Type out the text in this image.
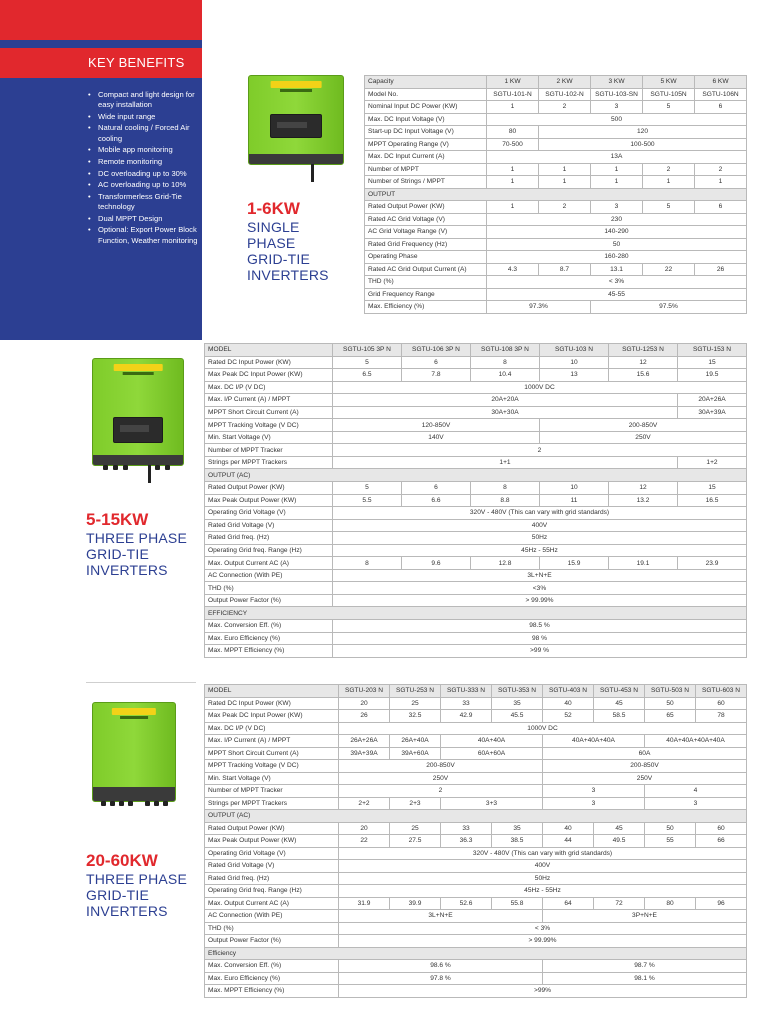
KEY BENEFITS
• Compact and light design for easy installation
• Wide input range
• Natural cooling / Forced Air cooling
• Mobile app monitoring
• Remote monitoring
• DC overloading up to 30%
• AC overloading up to 10%
• Transformerless Grid-Tie technology
• Dual MPPT Design
• Optional: Export Power Block Function, Weather monitoring
1-6KW
SINGLE
PHASE
GRID-TIE
INVERTERS
5-15KW
THREE PHASE
GRID-TIE
INVERTERS
20-60KW
THREE PHASE
GRID-TIE
INVERTERS
Capacity	1 KW	2 KW	3 KW	5 KW	6 KW
Model No.	SGTU-101-N	SGTU-102-N	SGTU-103-SN	SGTU-105N	SGTU-106N
Nominal Input DC Power (KW)	1	2	3	5	6
Max. DC Input Voltage (V)	500				
Start-up DC Input Voltage (V)	80	120			
MPPT Operating Range (V)	70-500	100-500			
Max. DC Input Current (A)	13A				
Number of MPPT	1	1	1	2	2
Number of Strings / MPPT	1	1	1	1	1
OUTPUT					
Rated Output Power (KW)	1	2	3	5	6
Rated AC Grid Voltage (V)	230				
AC Grid Voltage Range (V)	140-290				
Rated Grid Frequency (Hz)	50				
Operating Phase	160-280				
Rated AC Grid Output Current (A)	4.3	8.7	13.1	22	26
THD (%)	< 3%				
Grid Frequency Range	45-55				
Max. Efficiency (%)	97.3%		97.5%		
MODEL	SGTU-105 3P N	SGTU-106 3P N	SGTU-108 3P N	SGTU-103 N	SGTU-1253 N	SGTU-153 N
Rated DC Input Power (KW)	5	6	8	10	12	15
Max Peak DC Input Power (KW)	6.5	7.8	10.4	13	15.6	19.5
Max. DC I/P (V DC)	1000V DC					
Max. I/P Current (A) / MPPT	20A+20A					20A+26A
MPPT Short Circuit Current (A)	30A+30A					30A+39A
MPPT Tracking Voltage (V DC)	120-850V			200-850V		
Min. Start Voltage (V)	140V			250V		
Number of MPPT Tracker	2					
Strings per MPPT Trackers	1+1					1+2
OUTPUT (AC)						
Rated Output Power (KW)	5	6	8	10	12	15
Max Peak Output Power (KW)	5.5	6.6	8.8	11	13.2	16.5
Operating Grid Voltage (V)	320V - 480V (This can vary with grid standards)					
Rated Grid Voltage (V)	400V					
Rated Grid freq. (Hz)	50Hz					
Operating Grid freq. Range (Hz)	45Hz - 55Hz					
Max. Output Current AC (A)	8	9.6	12.8	15.9	19.1	23.9
AC Connection (With PE)	3L+N+E					
THD (%)	<3%					
Output Power Factor (%)	> 99.99%					
EFFICIENCY						
Max. Conversion Eff. (%)	98.5 %					
Max. Euro Efficiency (%)	98 %					
Max. MPPT Efficiency (%)	>99 %					
MODEL	SGTU-203 N	SGTU-253 N	SGTU-333 N	SGTU-353 N	SGTU-403 N	SGTU-453 N	SGTU-503 N	SGTU-603 N
Rated DC Input Power (KW)	20	25	33	35	40	45	50	60
Max Peak DC Input Power (KW)	26	32.5	42.9	45.5	52	58.5	65	78
Max. DC I/P (V DC)	1000V DC							
Max. I/P Current (A) / MPPT	26A+26A	26A+40A	40A+40A		40A+40A+40A		40A+40A+40A+40A	
MPPT Short Circuit Current (A)	39A+39A	39A+60A	60A+60A		60A			
MPPT Tracking Voltage (V DC)	200-850V				200-850V			
Min. Start Voltage (V)	250V				250V			
Number of MPPT Tracker	2				3		4	
Strings per MPPT Trackers	2+2	2+3	3+3		3		3	
OUTPUT (AC)								
Rated Output Power (KW)	20	25	33	35	40	45	50	60
Max Peak Output Power (KW)	22	27.5	36.3	38.5	44	49.5	55	66
Operating Grid Voltage (V)	320V - 480V (This can vary with grid standards)							
Rated Grid Voltage (V)	400V							
Rated Grid freq. (Hz)	50Hz							
Operating Grid freq. Range (Hz)	45Hz - 55Hz							
Max. Output Current AC (A)	31.9	39.9	52.6	55.8	64	72	80	96
AC Connection (With PE)	3L+N+E				3P+N+E			
THD (%)	< 3%							
Output Power Factor (%)	> 99.99%							
Efficiency								
Max. Conversion Eff. (%)	98.6 %				98.7 %			
Max. Euro Efficiency (%)	97.8 %				98.1 %			
Max. MPPT Efficiency (%)	>99%							
